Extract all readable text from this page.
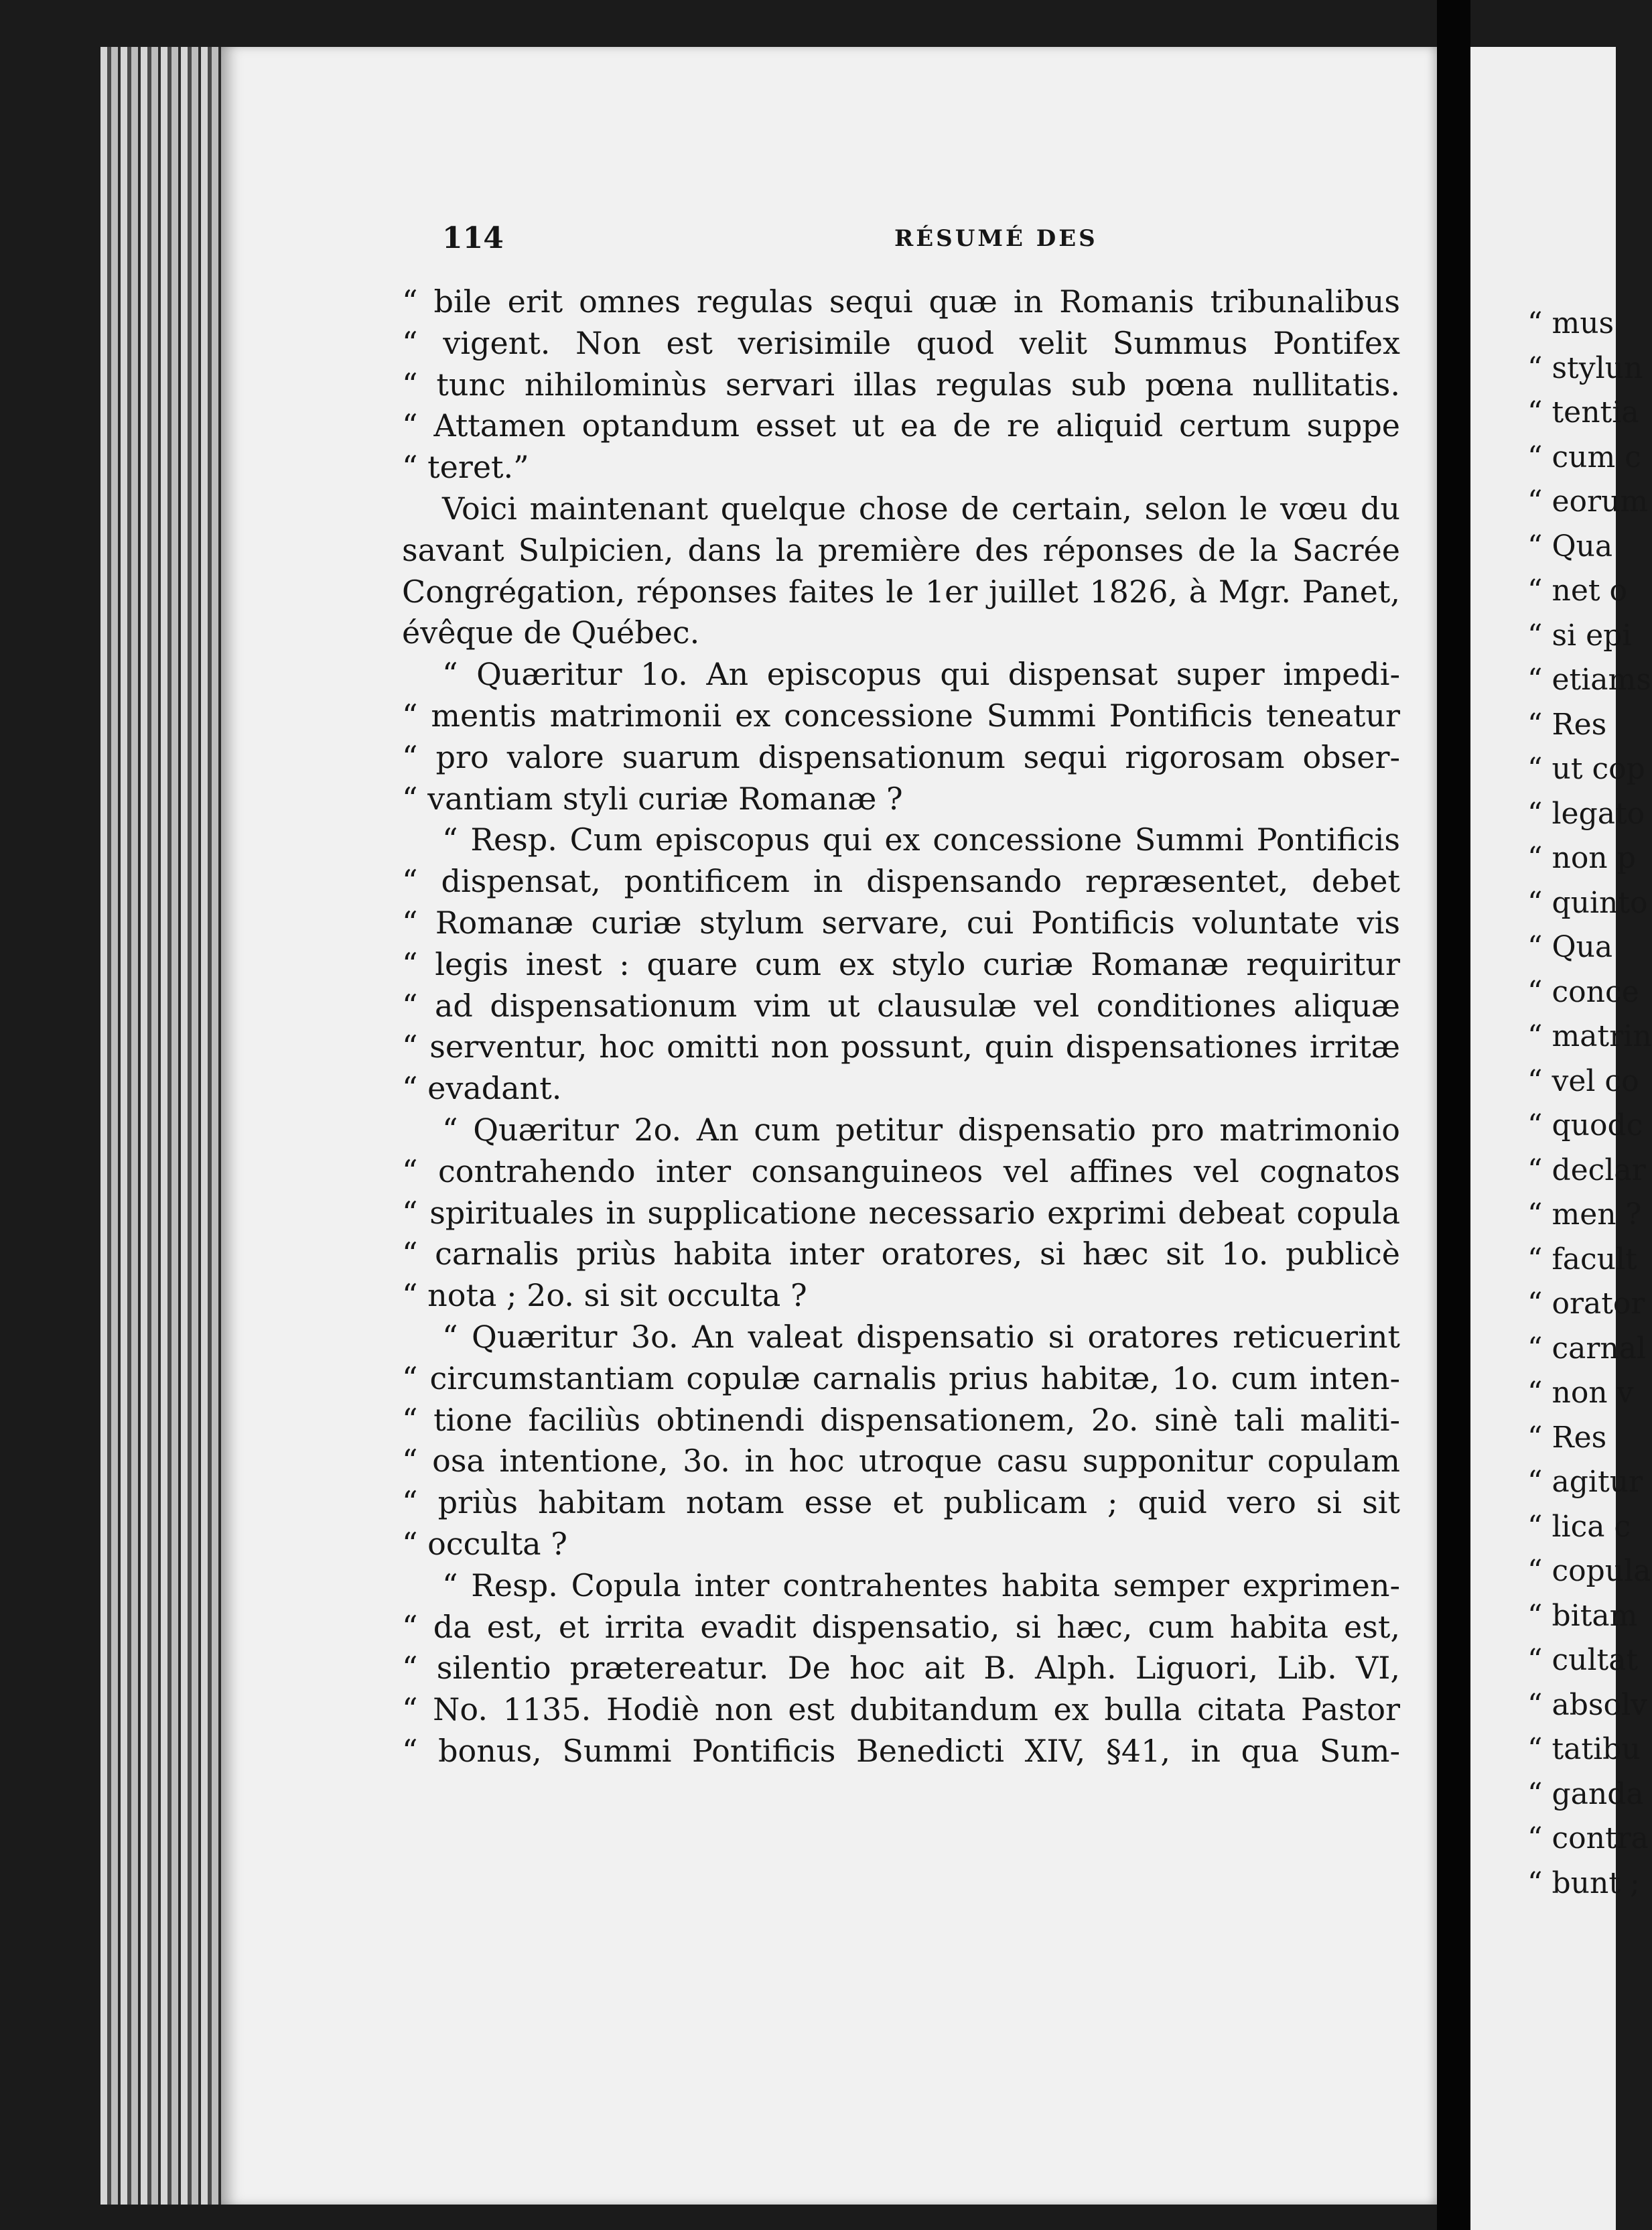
114	RÉSUMÉ DES
“ bile erit omnes regulas sequi quæ in Romanis tribunalibus
“ vigent. Non est verisimile quod velit Summus Pontifex
“ tunc nihilominùs servari illas regulas sub pœna nullitatis.
“ Attamen optandum esset ut ea de re aliquid certum suppe
“ teret.”
Voici maintenant quelque chose de certain, selon le vœu du
savant Sulpicien, dans la première des réponses de la Sacrée
Congrégation, réponses faites le 1er juillet 1826, à Mgr. Panet,
évêque de Québec.
“ Quæritur 1o. An episcopus qui dispensat super impedi-
“ mentis matrimonii ex concessione Summi Pontificis teneatur
“ pro valore suarum dispensationum sequi rigorosam obser-
“ vantiam styli curiæ Romanæ ?
“ Resp. Cum episcopus qui ex concessione Summi Pontificis
“ dispensat, pontificem in dispensando repræsentet, debet
“ Romanæ curiæ stylum servare, cui Pontificis voluntate vis
“ legis inest : quare cum ex stylo curiæ Romanæ requiritur
“ ad dispensationum vim ut clausulæ vel conditiones aliquæ
“ serventur, hoc omitti non possunt, quin dispensationes irritæ
“ evadant.
“ Quæritur 2o. An cum petitur dispensatio pro matrimonio
“ contrahendo inter consanguineos vel affines vel cognatos
“ spirituales in supplicatione necessario exprimi debeat copula
“ carnalis priùs habita inter oratores, si hæc sit 1o. publicè
“ nota ; 2o. si sit occulta ?
“ Quæritur 3o. An valeat dispensatio si oratores reticuerint
“ circumstantiam copulæ carnalis prius habitæ, 1o. cum inten-
“ tione faciliùs obtinendi dispensationem, 2o. sinè tali maliti-
“ osa intentione, 3o. in hoc utroque casu supponitur copulam
“ priùs habitam notam esse et publicam ; quid vero si sit
“ occulta ?
“ Resp. Copula inter contrahentes habita semper exprimen-
“ da est, et irrita evadit dispensatio, si hæc, cum habita est,
“ silentio prætereatur. De hoc ait B. Alph. Liguori, Lib. VI,
“ No. 1135. Hodiè non est dubitandum ex bulla citata Pastor
“ bonus, Summi Pontificis Benedicti XIV, §41, in qua Sum-
“ mus
“ stylun
“ tentia
“ cum c
“ eorum
“ Qua
“ net o
“ si epi
“ etiams
“ Res
“ ut cop
“ legato
“ non p
“ quinto
“ Qua
“ conce
“ matrin
“ vel co
“ quodc
“ declar
“ men ?
“ facult
“ orator
“ carnal
“ non v
“ Res
“ agitur
“ lica c
“ copula
“ bitam
“ cultat
“ absolv
“ tatibu
“ ganda
“ contra
“ bunt ;
